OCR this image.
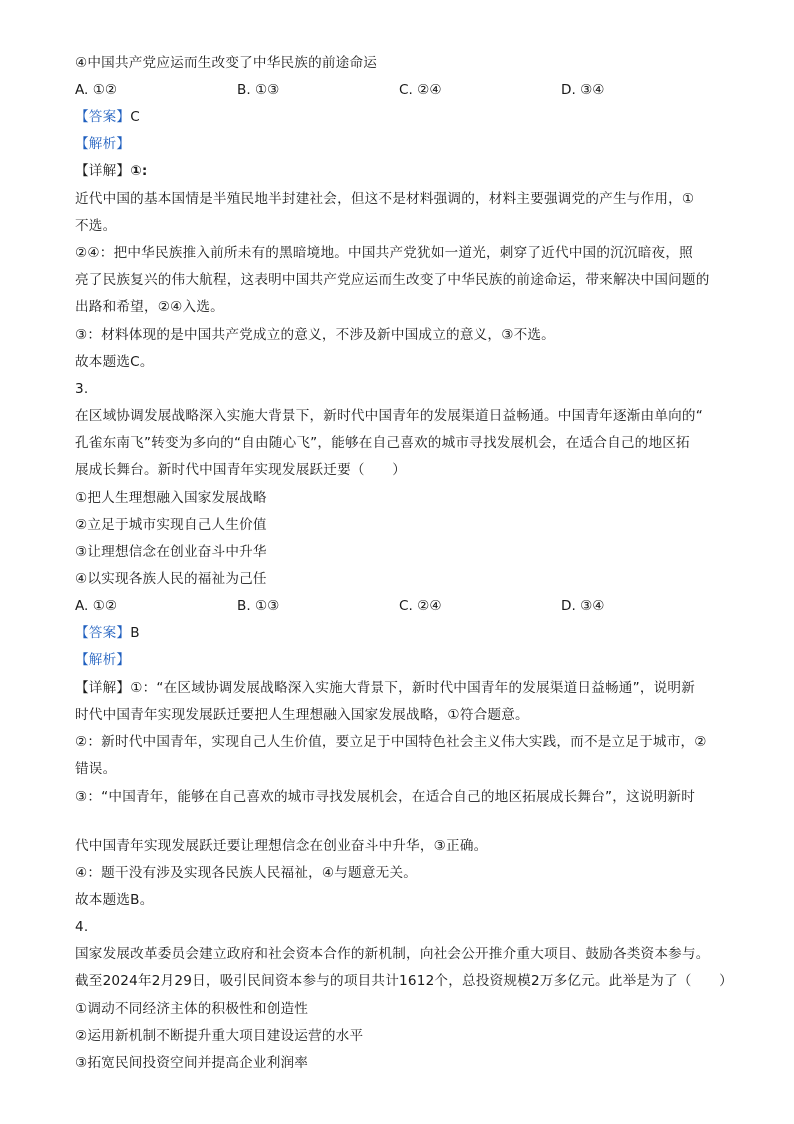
④中国共产党应运而生改变了中华民族的前途命运
A. ①②	B. ①③	C. ②④	D. ③④
【答案】C
【解析】
【详解】①:
近代中国的基本国情是半殖民地半封建社会，但这不是材料强调的，材料主要强调党的产生与作用，①
不选。
②④：把中华民族推入前所未有的黑暗境地。中国共产党犹如一道光，刺穿了近代中国的沉沉暗夜，照
亮了民族复兴的伟大航程，这表明中国共产党应运而生改变了中华民族的前途命运，带来解决中国问题的
出路和希望，②④入选。
③：材料体现的是中国共产党成立的意义，不涉及新中国成立的意义，③不选。
故本题选C。
3.
在区域协调发展战略深入实施大背景下，新时代中国青年的发展渠道日益畅通。中国青年逐渐由单向的“
孔雀东南飞”转变为多向的“自由随心飞”，能够在自己喜欢的城市寻找发展机会，在适合自己的地区拓
展成长舞台。新时代中国青年实现发展跃迁要（　　）
①把人生理想融入国家发展战略
②立足于城市实现自己人生价值
③让理想信念在创业奋斗中升华
④以实现各族人民的福祉为己任
A. ①②	B. ①③	C. ②④	D. ③④
【答案】B
【解析】
【详解】①：“在区域协调发展战略深入实施大背景下，新时代中国青年的发展渠道日益畅通”，说明新
时代中国青年实现发展跃迁要把人生理想融入国家发展战略，①符合题意。
②：新时代中国青年，实现自己人生价值，要立足于中国特色社会主义伟大实践，而不是立足于城市，②
错误。
③：“中国青年，能够在自己喜欢的城市寻找发展机会，在适合自己的地区拓展成长舞台”，这说明新时
代中国青年实现发展跃迁要让理想信念在创业奋斗中升华，③正确。
④：题干没有涉及实现各民族人民福祉，④与题意无关。
故本题选B。
4.
国家发展改革委员会建立政府和社会资本合作的新机制，向社会公开推介重大项目、鼓励各类资本参与。
截至2024年2月29日，吸引民间资本参与的项目共计1612个，总投资规模2万多亿元。此举是为了（　　）
①调动不同经济主体的积极性和创造性
②运用新机制不断提升重大项目建设运营的水平
③拓宽民间投资空间并提高企业利润率
